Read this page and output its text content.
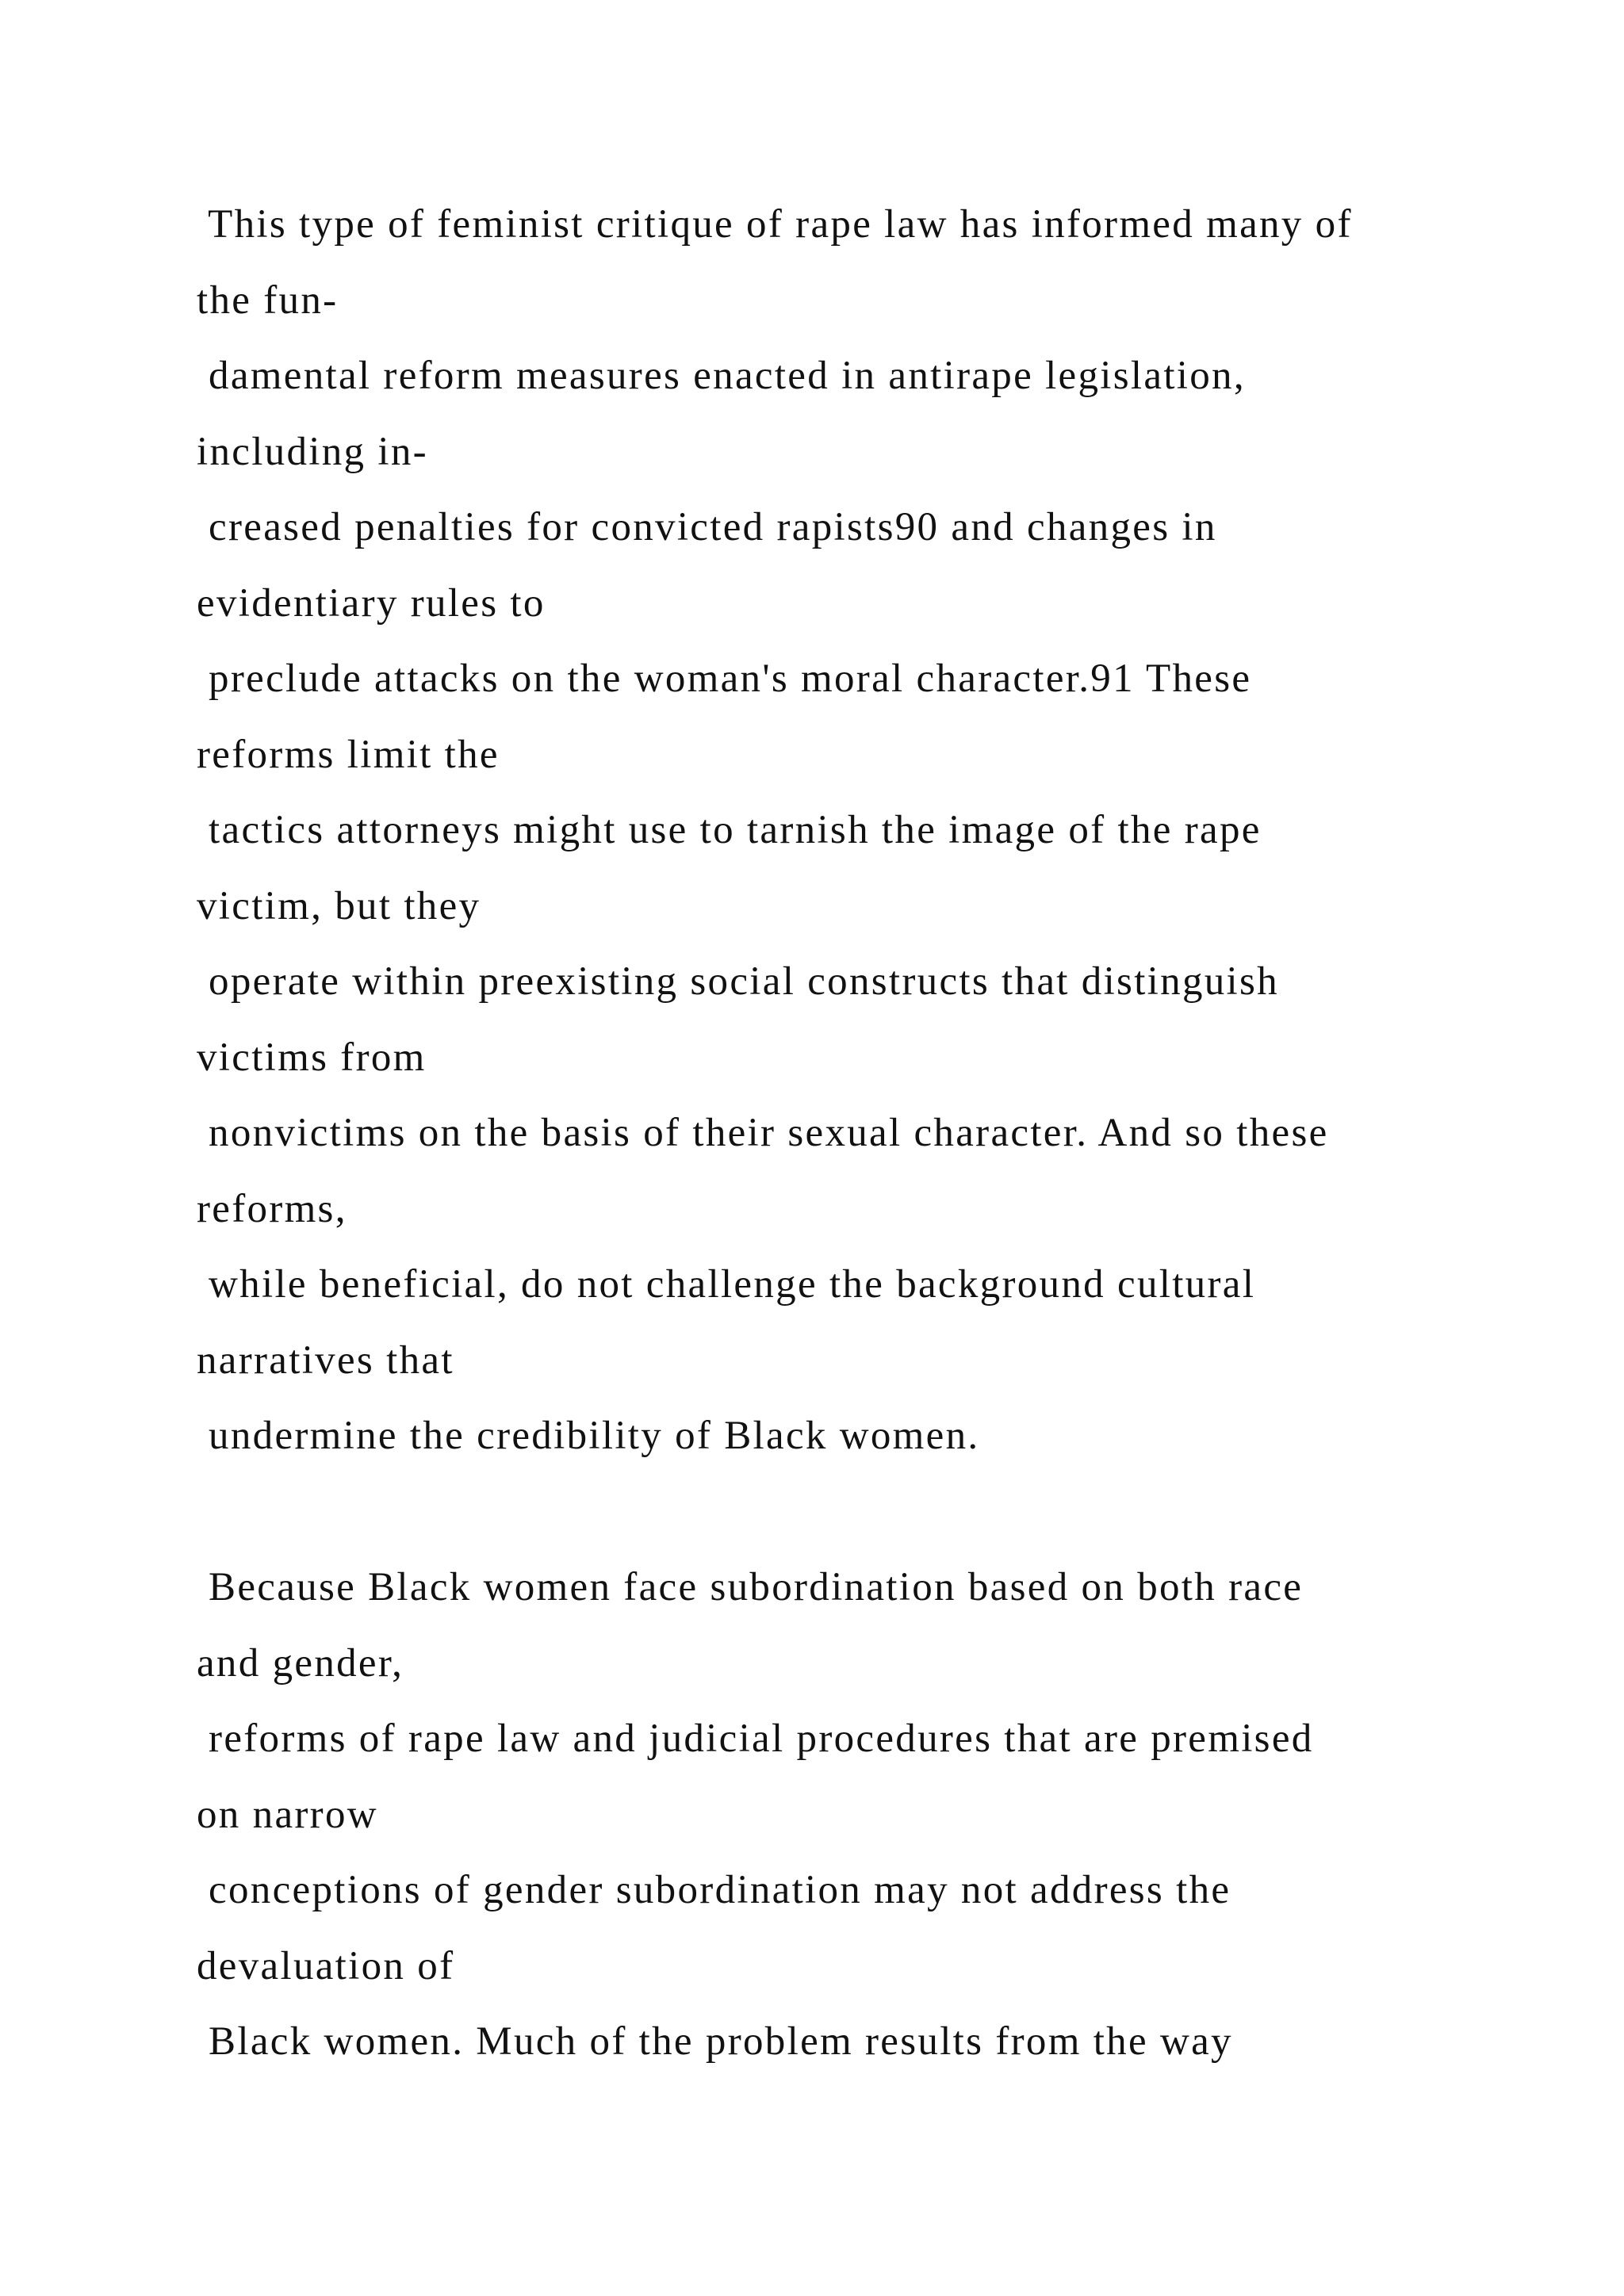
This type of feminist critique of rape law has informed many of
the fun-
damental reform measures enacted in antirape legislation,
including in-
creased penalties for convicted rapists90 and changes in
evidentiary rules to
preclude attacks on the woman's moral character.91 These
reforms limit the
tactics attorneys might use to tarnish the image of the rape
victim, but they
operate within preexisting social constructs that distinguish
victims from
nonvictims on the basis of their sexual character. And so these
reforms,
while beneficial, do not challenge the background cultural
narratives that
undermine the credibility of Black women.
Because Black women face subordination based on both race
and gender,
reforms of rape law and judicial procedures that are premised
on narrow
conceptions of gender subordination may not address the
devaluation of
Black women. Much of the problem results from the way
